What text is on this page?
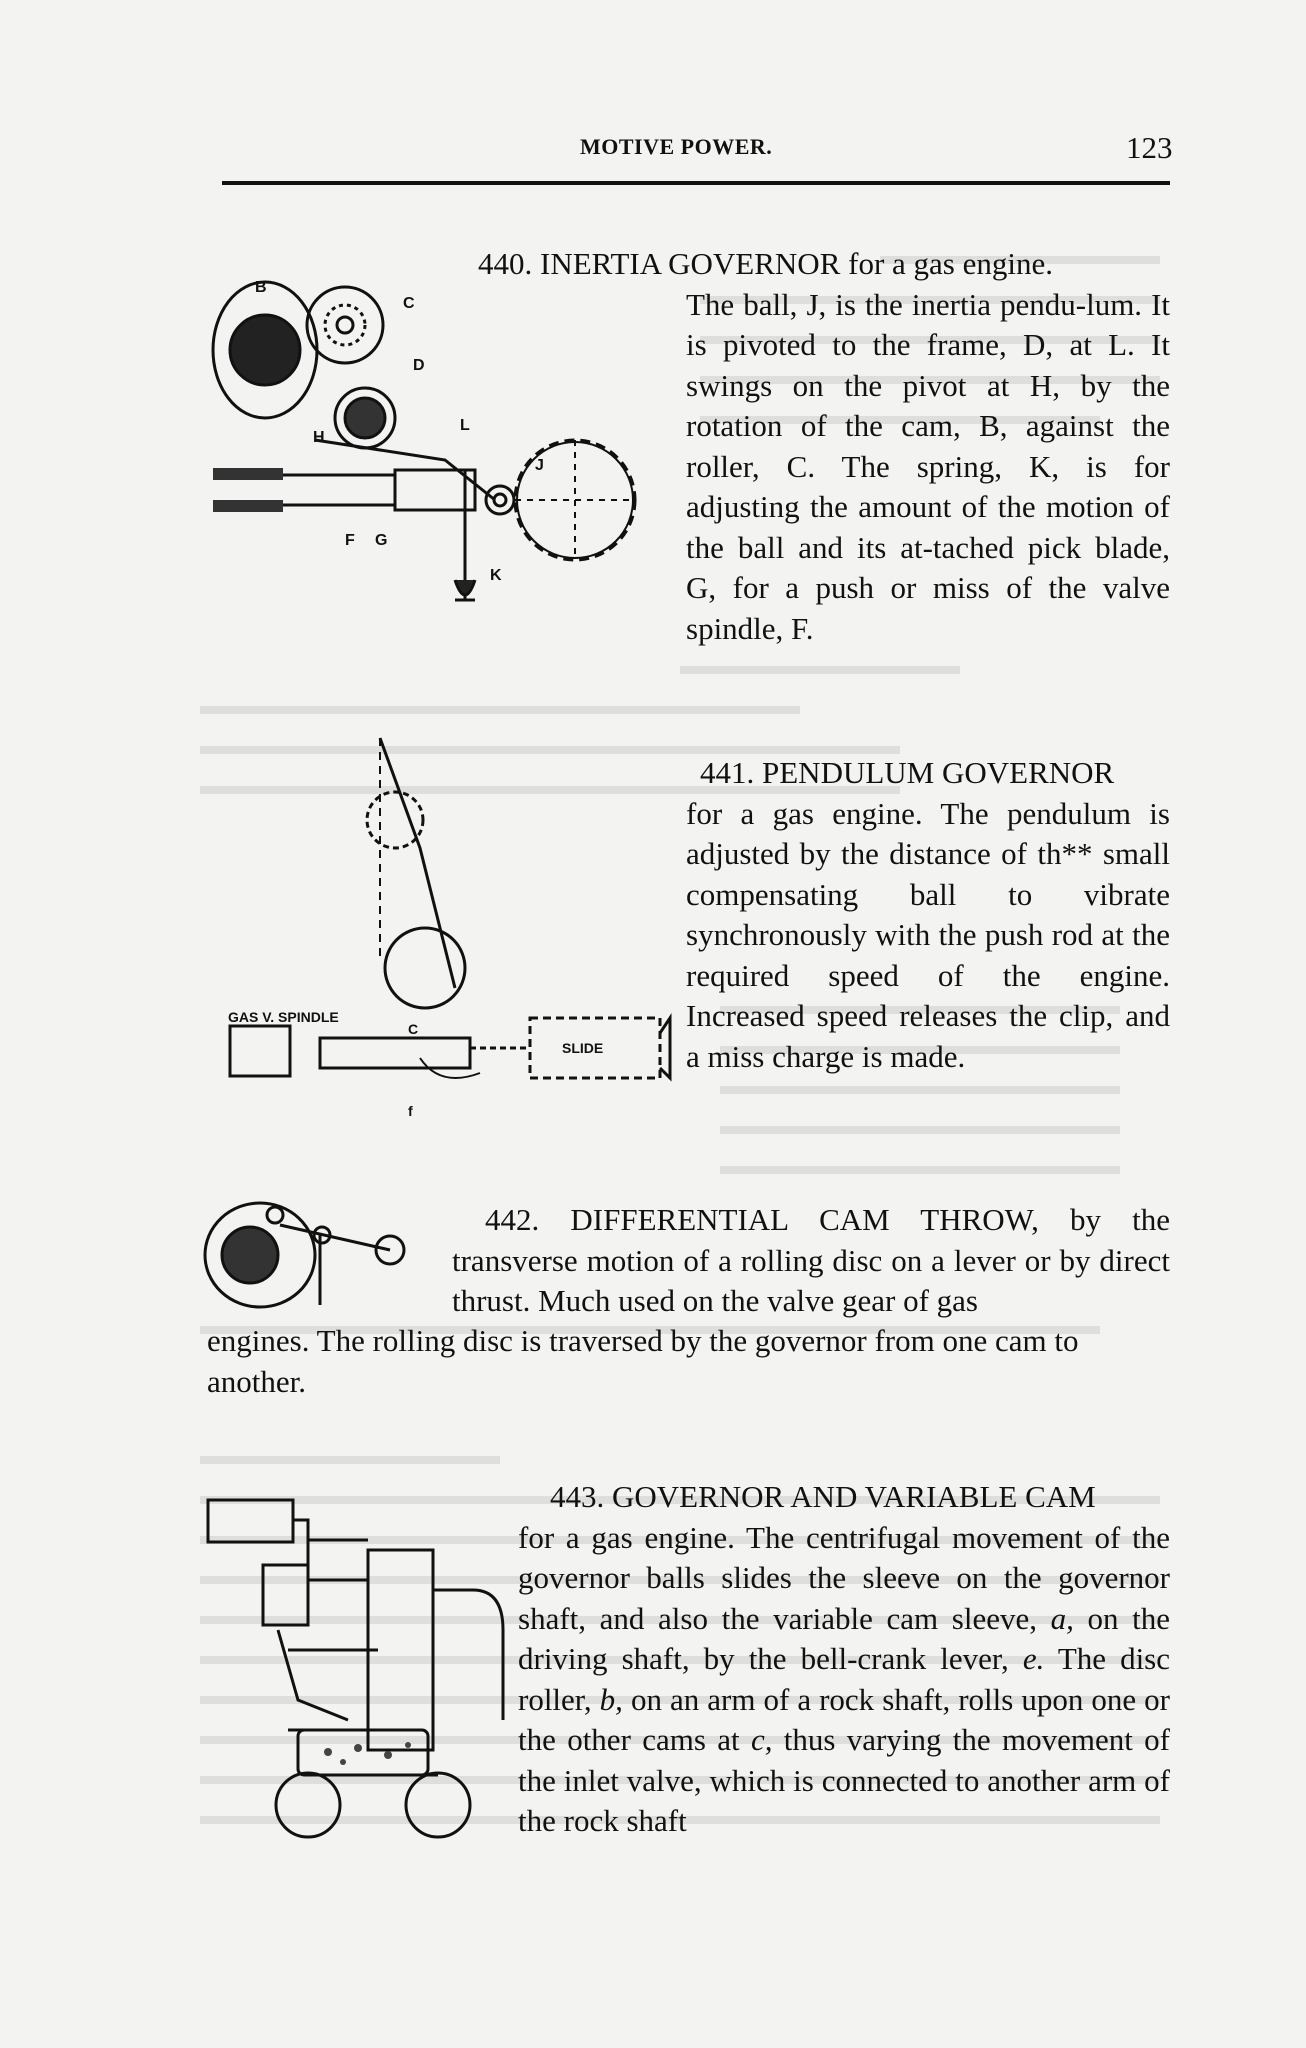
MOTIVE POWER.	123
B
C
D
H
L
J
F G
K

440. INERTIA GOVERNOR for a gas engine.
The ball, J, is the inertia pendu-lum. It is pivoted to the frame, D, at L. It swings on the pivot at H, by the rotation of the cam, B, against the roller, C. The spring, K, is for adjusting the amount of the motion of the ball and its at-tached pick blade, G, for a push or miss of the valve spindle, F.

GAS V. SPINDLE
C
SLIDE
f

441. PENDULUM GOVERNOR
for a gas engine. The pendulum is adjusted by the distance of th** small compensating ball to vibrate synchronously with the push rod at the required speed of the engine. Increased speed releases the clip, and a miss charge is made.

442. DIFFERENTIAL CAM THROW, by the
transverse motion of a rolling disc on a lever or by direct thrust. Much used on the valve gear of gas

engines. The rolling disc is traversed by the governor from one cam to another.

443. GOVERNOR AND VARIABLE CAM
for a gas engine. The centrifugal movement of the governor balls slides the sleeve on the governor shaft, and also the variable cam sleeve, a, on the driving shaft, by the bell-crank lever, e. The disc roller, b, on an arm of a rock shaft, rolls upon one or the other cams at c, thus varying the movement of the inlet valve, which is connected to another arm of the rock shaft
